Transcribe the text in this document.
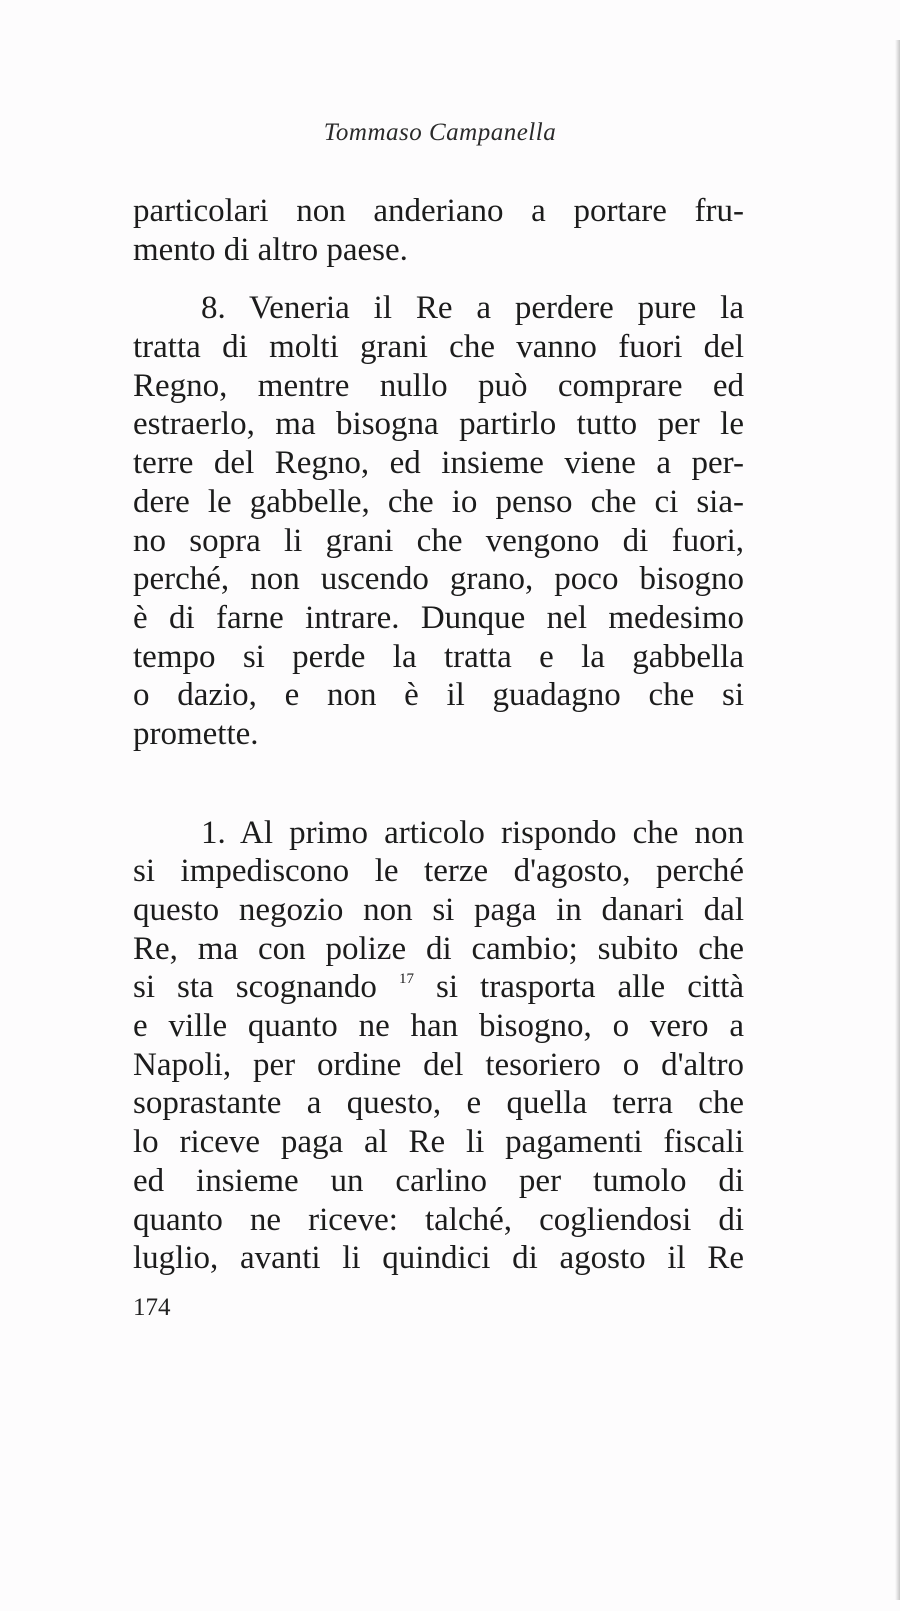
Tommaso Campanella
particolari non anderiano a portare fru-
mento di altro paese.
8. Veneria il Re a perdere pure la
tratta di molti grani che vanno fuori del
Regno, mentre nullo può comprare ed
estraerlo, ma bisogna partirlo tutto per le
terre del Regno, ed insieme viene a per-
dere le gabbelle, che io penso che ci sia-
no sopra li grani che vengono di fuori,
perché, non uscendo grano, poco bisogno
è di farne intrare. Dunque nel medesimo
tempo si perde la tratta e la gabbella
o dazio, e non è il guadagno che si
promette.
1. Al primo articolo rispondo che non
si impediscono le terze d'agosto, perché
questo negozio non si paga in danari dal
Re, ma con polize di cambio; subito che
si sta scognando $^{17}$ si trasporta alle città
e ville quanto ne han bisogno, o vero a
Napoli, per ordine del tesoriero o d'altro
soprastante a questo, e quella terra che
lo riceve paga al Re li pagamenti fiscali
ed insieme un carlino per tumolo di
quanto ne riceve: talché, cogliendosi di
luglio, avanti li quindici di agosto il Re
174
